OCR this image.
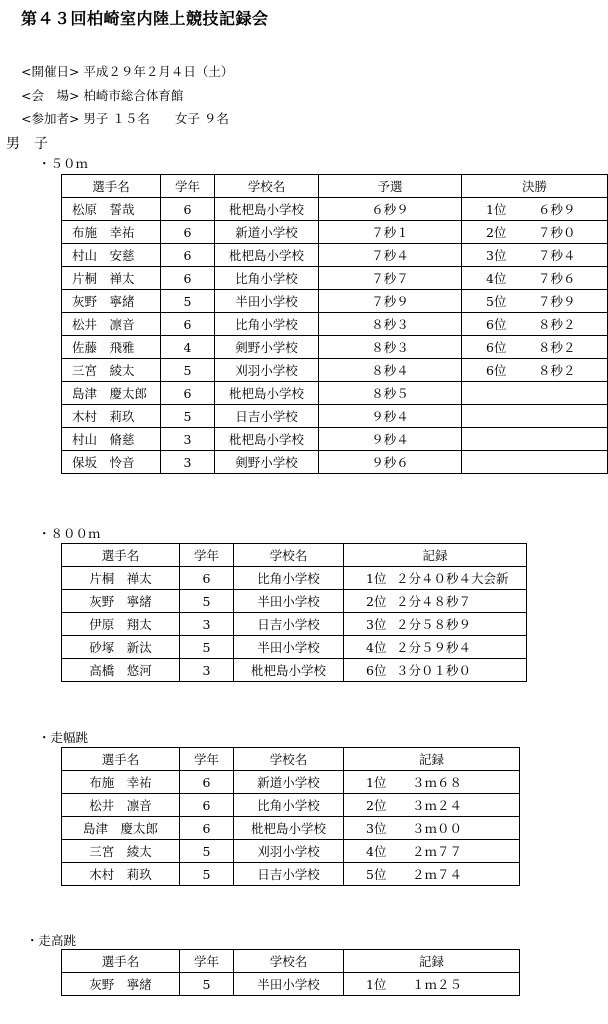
第４３回柏崎室内陸上競技記録会
<開催日> 平成２９年２月４日（土）
<会　場> 柏崎市総合体育館
<参加者> 男子 １５名　　女子 ９名
男　子
・５０ｍ
選手名	学年	学校名	予選	決勝
松原　誓哉	6	枇杷島小学校	６秒９	1位 ６秒９
布施　幸祐	6	新道小学校	７秒１	2位 ７秒０
村山　安慈	6	枇杷島小学校	７秒４	3位 ７秒４
片桐　禅太	6	比角小学校	７秒７	4位 ７秒６
灰野　寧緒	5	半田小学校	７秒９	5位 ７秒９
松井　凛音	6	比角小学校	８秒３	6位 ８秒２
佐藤　飛雅	4	剣野小学校	８秒３	6位 ８秒２
三宮　綾太	5	刈羽小学校	８秒４	6位 ８秒２
島津　慶太郎	6	枇杷島小学校	８秒５	
木村　莉玖	5	日吉小学校	９秒４	
村山　脩慈	3	枇杷島小学校	９秒４	
保坂　怜音	3	剣野小学校	９秒６	
・８００ｍ
選手名	学年	学校名	記録
片桐　禅太	6	比角小学校	1位 ２分４０秒４大会新
灰野　寧緒	5	半田小学校	2位 ２分４８秒７
伊原　翔太	3	日吉小学校	3位 ２分５８秒９
砂塚　新汰	5	半田小学校	4位 ２分５９秒４
高橋　悠河	3	枇杷島小学校	6位 ３分０１秒０
・走幅跳
選手名	学年	学校名	記録
布施　幸祐	6	新道小学校	1位 ３ｍ６８
松井　凛音	6	比角小学校	2位 ３ｍ２４
島津　慶太郎	6	枇杷島小学校	3位 ３ｍ００
三宮　綾太	5	刈羽小学校	4位 ２ｍ７７
木村　莉玖	5	日吉小学校	5位 ２ｍ７４
・走高跳
選手名	学年	学校名	記録
灰野　寧緒	5	半田小学校	1位 １ｍ２５
